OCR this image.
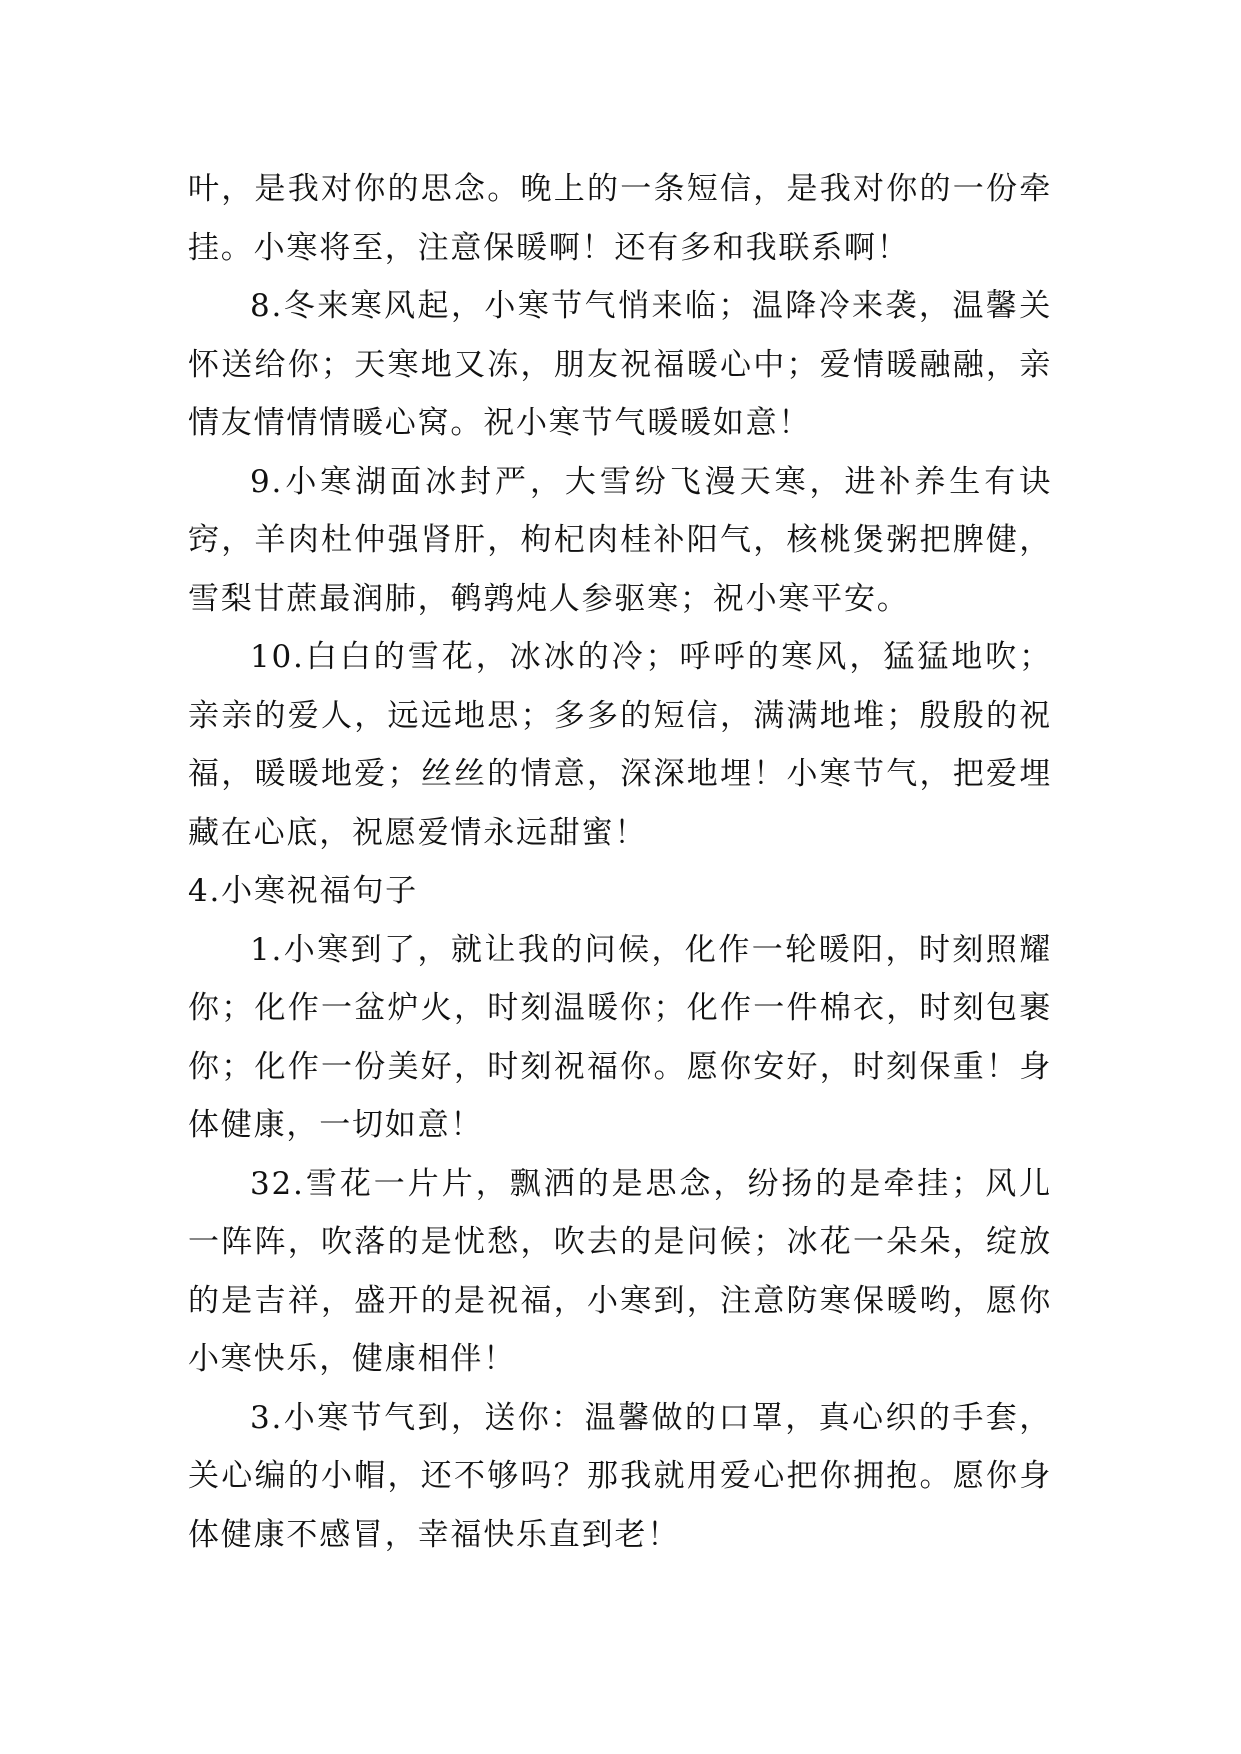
叶，是我对你的思念。晚上的一条短信，是我对你的一份牵挂。小寒将至，注意保暖啊！还有多和我联系啊！

8.冬来寒风起，小寒节气悄来临；温降冷来袭，温馨关怀送给你；天寒地又冻，朋友祝福暖心中；爱情暖融融，亲情友情情情暖心窝。祝小寒节气暖暖如意！

9.小寒湖面冰封严，大雪纷飞漫天寒，进补养生有诀窍，羊肉杜仲强肾肝，枸杞肉桂补阳气，核桃煲粥把脾健，雪梨甘蔗最润肺，鹌鹑炖人参驱寒；祝小寒平安。

10.白白的雪花，冰冰的冷；呼呼的寒风，猛猛地吹；亲亲的爱人，远远地思；多多的短信，满满地堆；殷殷的祝福，暖暖地爱；丝丝的情意，深深地埋！小寒节气，把爱埋藏在心底，祝愿爱情永远甜蜜！

4.小寒祝福句子

1.小寒到了，就让我的问候，化作一轮暖阳，时刻照耀你；化作一盆炉火，时刻温暖你；化作一件棉衣，时刻包裹你；化作一份美好，时刻祝福你。愿你安好，时刻保重！身体健康，一切如意！

32.雪花一片片，飘洒的是思念，纷扬的是牵挂；风儿一阵阵，吹落的是忧愁，吹去的是问候；冰花一朵朵，绽放的是吉祥，盛开的是祝福，小寒到，注意防寒保暖哟，愿你小寒快乐，健康相伴！

3.小寒节气到，送你：温馨做的口罩，真心织的手套，关心编的小帽，还不够吗？那我就用爱心把你拥抱。愿你身体健康不感冒，幸福快乐直到老！
